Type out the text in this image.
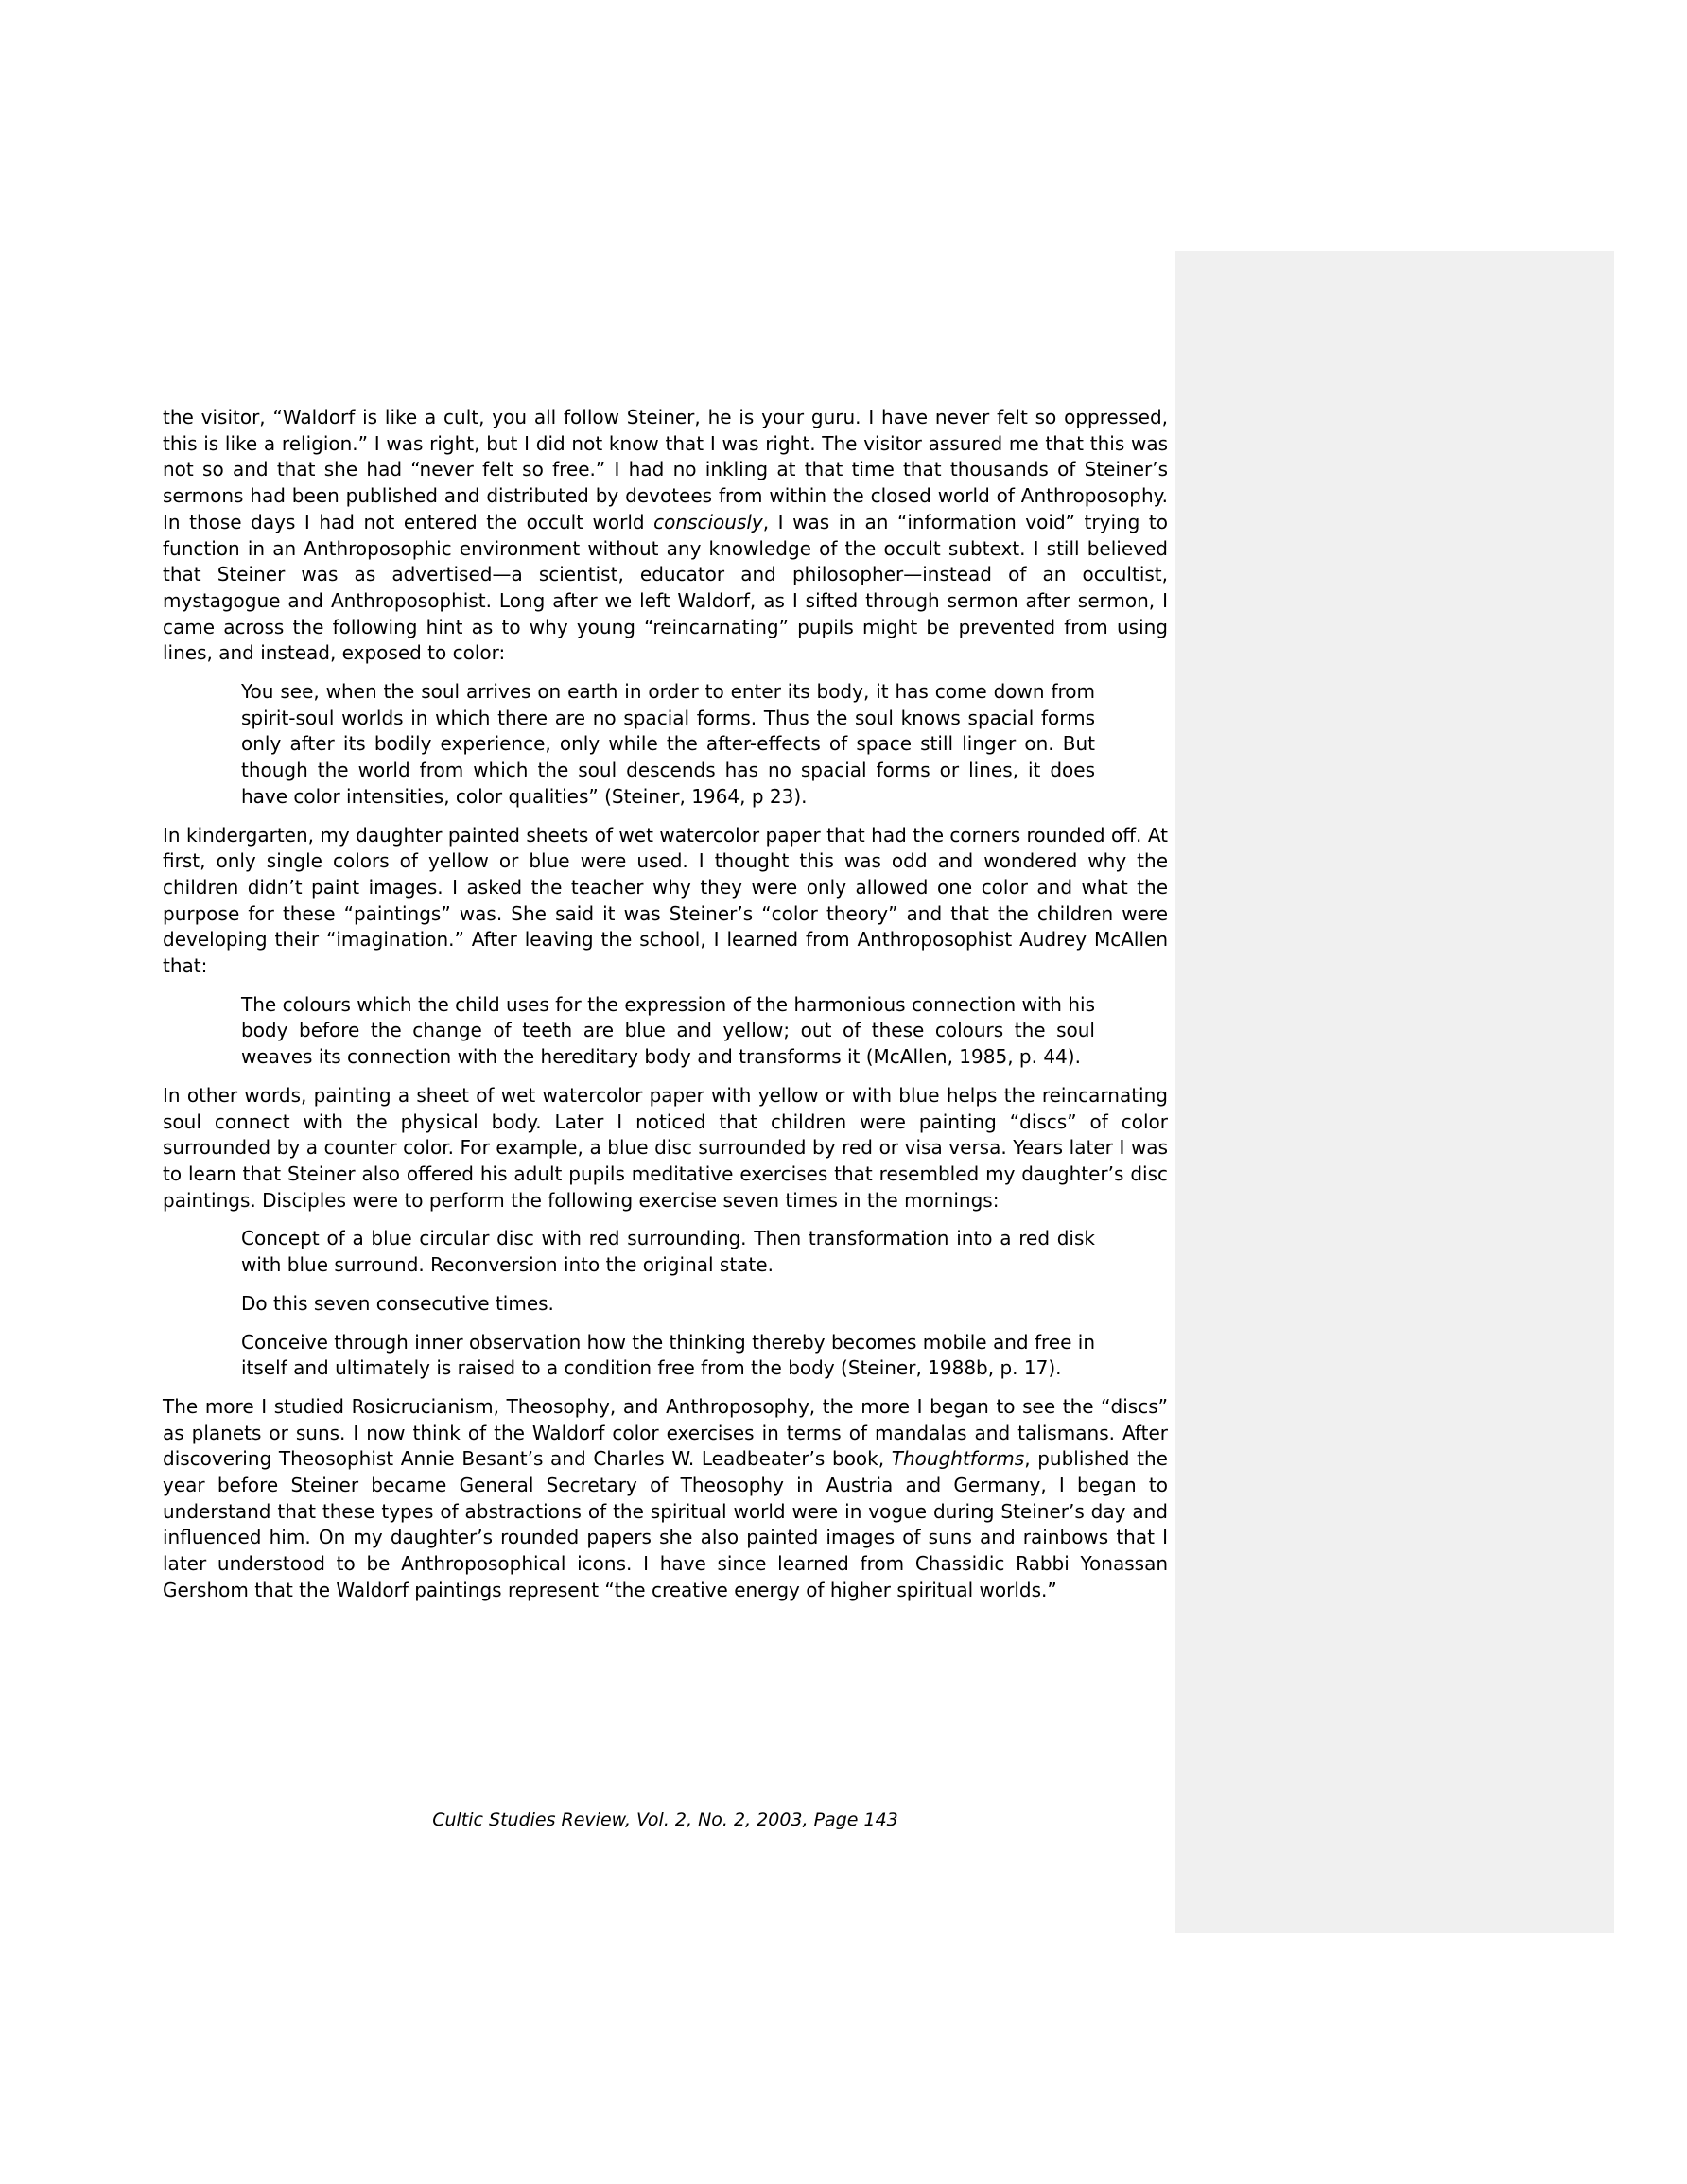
the visitor, “Waldorf is like a cult, you all follow Steiner, he is your guru. I have never felt so oppressed, this is like a religion.” I was right, but I did not know that I was right. The visitor assured me that this was not so and that she had “never felt so free.” I had no inkling at that time that thousands of Steiner’s sermons had been published and distributed by devotees from within the closed world of Anthroposophy. In those days I had not entered the occult world consciously, I was in an “information void” trying to function in an Anthroposophic environment without any knowledge of the occult subtext. I still believed that Steiner was as advertised—a scientist, educator and philosopher—instead of an occultist, mystagogue and Anthroposophist. Long after we left Waldorf, as I sifted through sermon after sermon, I came across the following hint as to why young “reincarnating” pupils might be prevented from using lines, and instead, exposed to color:

You see, when the soul arrives on earth in order to enter its body, it has come down from spirit-soul worlds in which there are no spacial forms. Thus the soul knows spacial forms only after its bodily experience, only while the after-effects of space still linger on. But though the world from which the soul descends has no spacial forms or lines, it does have color intensities, color qualities” (Steiner, 1964, p 23).

In kindergarten, my daughter painted sheets of wet watercolor paper that had the corners rounded off. At first, only single colors of yellow or blue were used. I thought this was odd and wondered why the children didn’t paint images. I asked the teacher why they were only allowed one color and what the purpose for these “paintings” was. She said it was Steiner’s “color theory” and that the children were developing their “imagination.” After leaving the school, I learned from Anthroposophist Audrey McAllen that:

The colours which the child uses for the expression of the harmonious connection with his body before the change of teeth are blue and yellow; out of these colours the soul weaves its connection with the hereditary body and transforms it (McAllen, 1985, p. 44).

In other words, painting a sheet of wet watercolor paper with yellow or with blue helps the reincarnating soul connect with the physical body. Later I noticed that children were painting “discs” of color surrounded by a counter color. For example, a blue disc surrounded by red or visa versa. Years later I was to learn that Steiner also offered his adult pupils meditative exercises that resembled my daughter’s disc paintings. Disciples were to perform the following exercise seven times in the mornings:

Concept of a blue circular disc with red surrounding. Then transformation into a red disk with blue surround. Reconversion into the original state.
Do this seven consecutive times.
Conceive through inner observation how the thinking thereby becomes mobile and free in itself and ultimately is raised to a condition free from the body (Steiner, 1988b, p. 17).

The more I studied Rosicrucianism, Theosophy, and Anthroposophy, the more I began to see the “discs” as planets or suns. I now think of the Waldorf color exercises in terms of mandalas and talismans. After discovering Theosophist Annie Besant’s and Charles W. Leadbeater’s book, Thoughtforms, published the year before Steiner became General Secretary of Theosophy in Austria and Germany, I began to understand that these types of abstractions of the spiritual world were in vogue during Steiner’s day and influenced him. On my daughter’s rounded papers she also painted images of suns and rainbows that I later understood to be Anthroposophical icons. I have since learned from Chassidic Rabbi Yonassan Gershom that the Waldorf paintings represent “the creative energy of higher spiritual worlds.”

Cultic Studies Review, Vol. 2, No. 2, 2003, Page 143
